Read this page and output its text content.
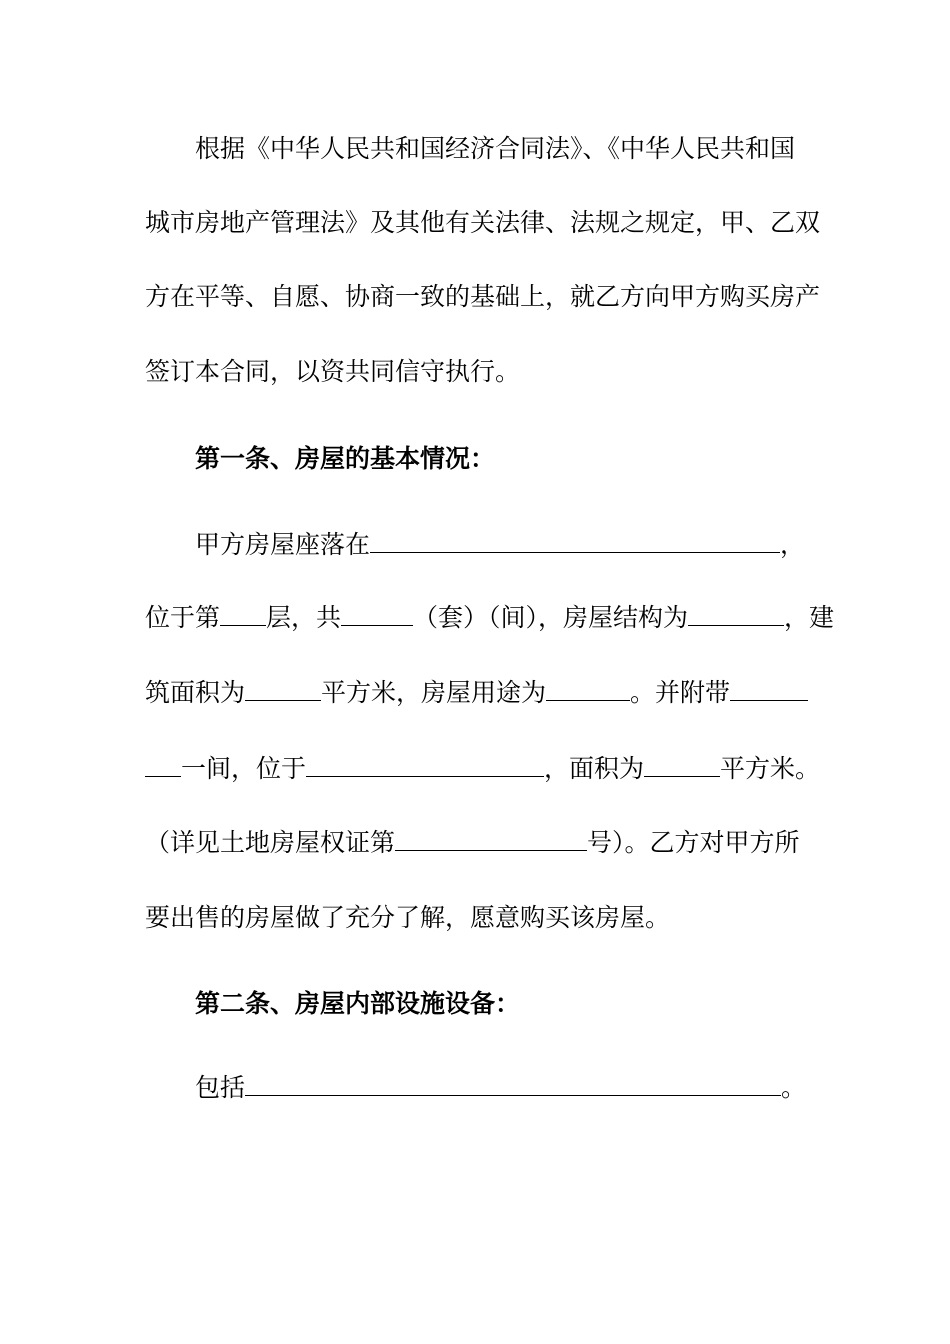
根据《中华人民共和国经济合同法》、《中华人民共和国
城市房地产管理法》及其他有关法律、法规之规定，甲、乙双
方在平等、自愿、协商一致的基础上，就乙方向甲方购买房产
签订本合同，以资共同信守执行。
第一条、房屋的基本情况：
甲方房屋座落在	，
位于第 层，共	（套）（间），房屋结构为	，建
筑面积为	平方米，房屋用途为	。并附带
一间，位于	，面积为	平方米。
（详见土地房屋权证第	号）。乙方对甲方所
要出售的房屋做了充分了解，愿意购买该房屋。
第二条、房屋内部设施设备：
包括	。
